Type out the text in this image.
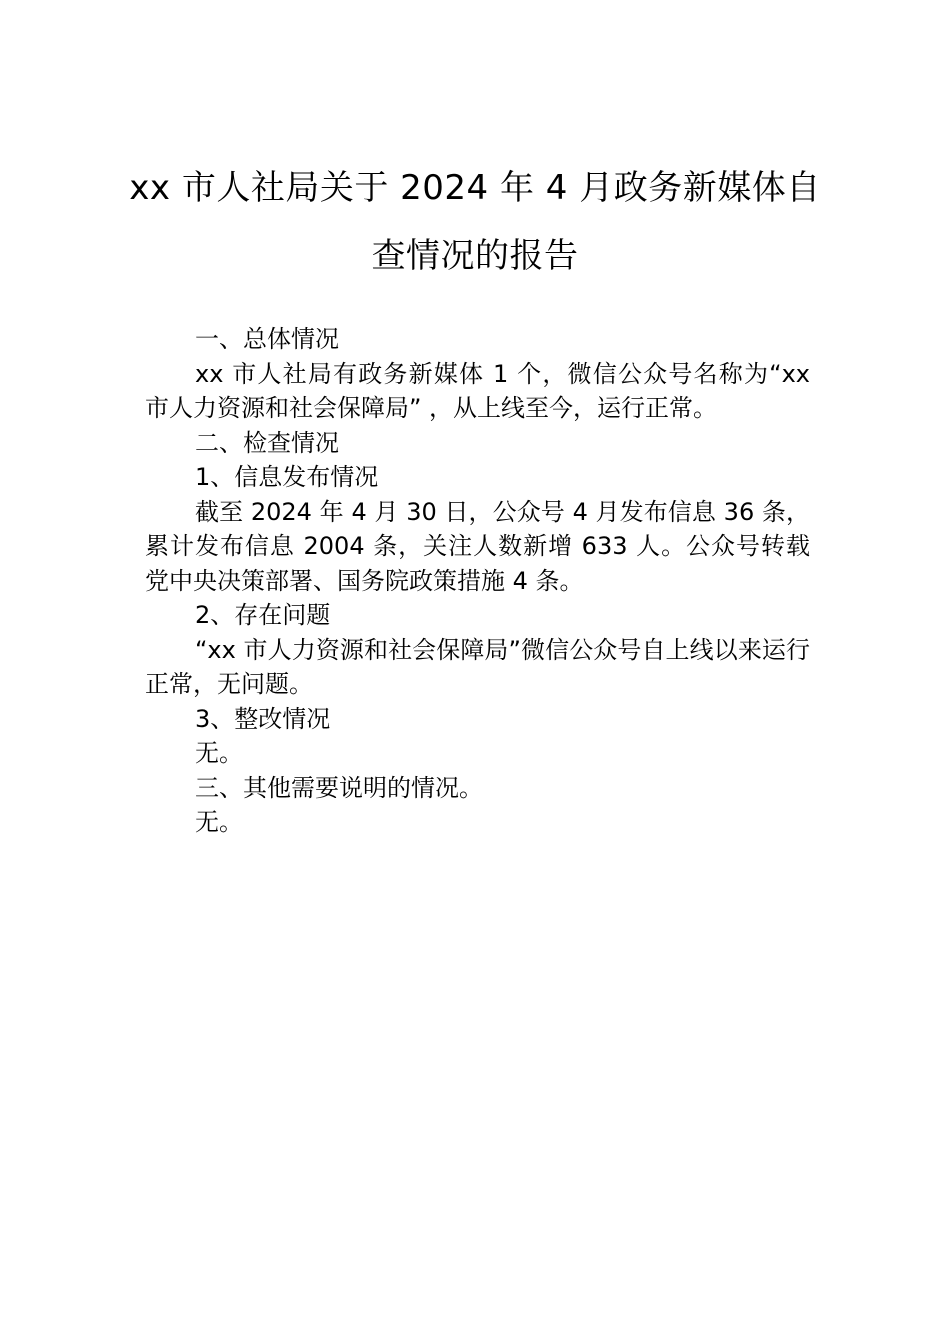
xx 市人社局关于 2024 年 4 月政务新媒体自
查情况的报告

一、总体情况

xx 市人社局有政务新媒体 1 个，微信公众号名称为“xx 市人力资源和社会保障局” ，从上线至今，运行正常。

二、检查情况

1、信息发布情况

截至 2024 年 4 月 30 日，公众号 4 月发布信息 36 条，累计发布信息 2004 条，关注人数新增 633 人。公众号转载党中央决策部署、国务院政策措施 4 条。

2、存在问题

“xx 市人力资源和社会保障局”微信公众号自上线以来运行正常，无问题。

3、整改情况

无。

三、其他需要说明的情况。

无。
